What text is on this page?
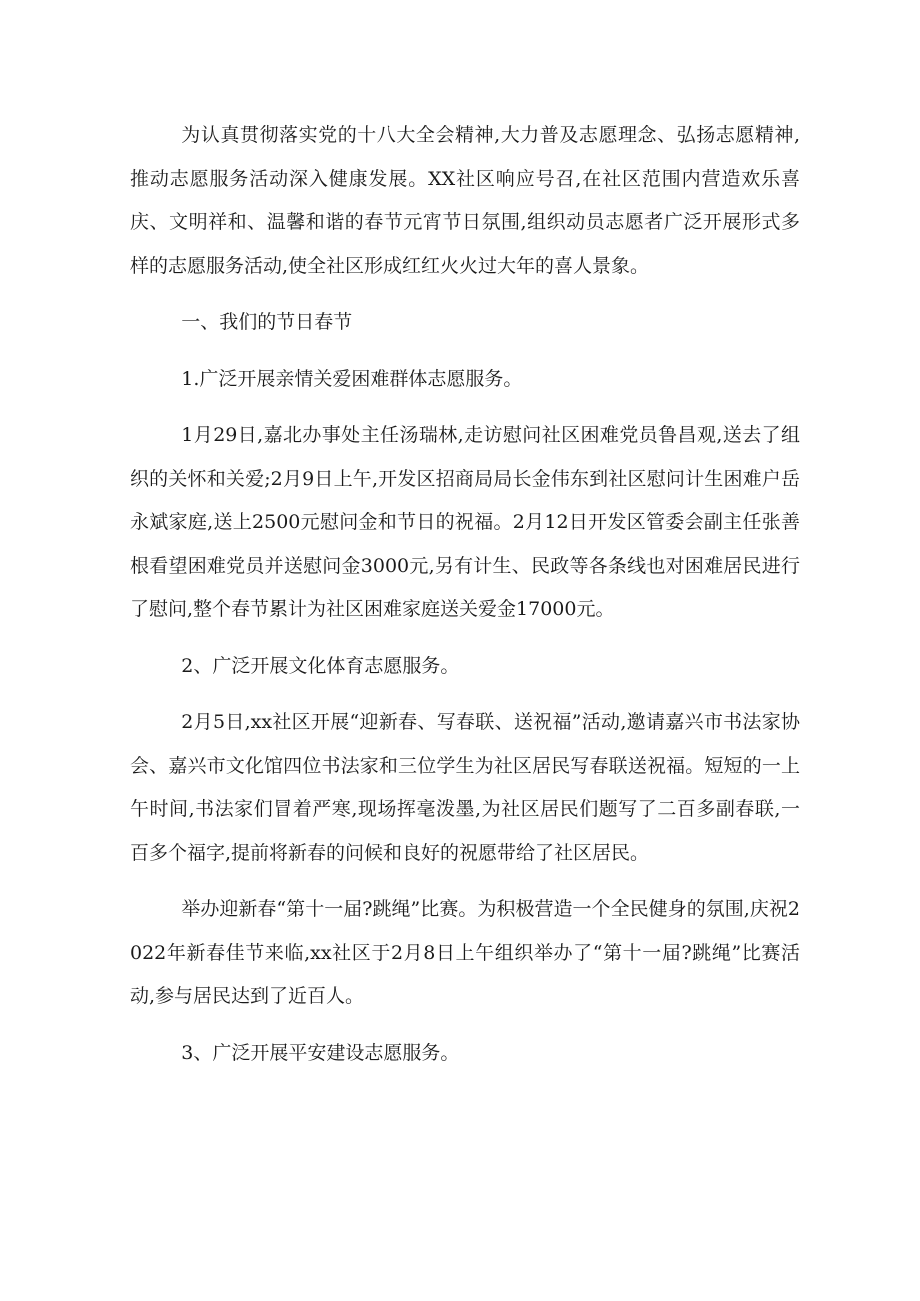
为认真贯彻落实党的十八大全会精神,大力普及志愿理念、弘扬志愿精神,推动志愿服务活动深入健康发展。XX社区响应号召,在社区范围内营造欢乐喜庆、文明祥和、温馨和谐的春节元宵节日氛围,组织动员志愿者广泛开展形式多样的志愿服务活动,使全社区形成红红火火过大年的喜人景象。

一、我们的节日春节

1.广泛开展亲情关爱困难群体志愿服务。

1月29日,嘉北办事处主任汤瑞林,走访慰问社区困难党员鲁昌观,送去了组织的关怀和关爱;2月9日上午,开发区招商局局长金伟东到社区慰问计生困难户岳永斌家庭,送上2500元慰问金和节日的祝福。2月12日开发区管委会副主任张善根看望困难党员并送慰问金3000元,另有计生、民政等各条线也对困难居民进行了慰问,整个春节累计为社区困难家庭送关爱金17000元。

2、广泛开展文化体育志愿服务。

2月5日,xx社区开展“迎新春、写春联、送祝福”活动,邀请嘉兴市书法家协会、嘉兴市文化馆四位书法家和三位学生为社区居民写春联送祝福。短短的一上午时间,书法家们冒着严寒,现场挥毫泼墨,为社区居民们题写了二百多副春联,一百多个福字,提前将新春的问候和良好的祝愿带给了社区居民。

举办迎新春“第十一届?跳绳”比赛。为积极营造一个全民健身的氛围,庆祝2022年新春佳节来临,xx社区于2月8日上午组织举办了“第十一届?跳绳”比赛活动,参与居民达到了近百人。

3、广泛开展平安建设志愿服务。
